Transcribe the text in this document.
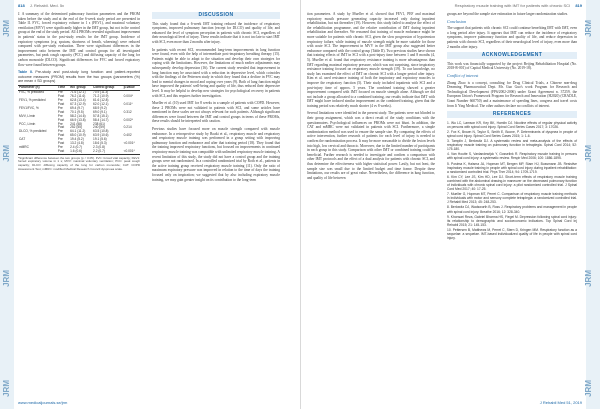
JRM
JRM
JRM
JRM
818 J. Rehabil. Med. 5x

J. A summary of the determined pulmonary function parameters and the PROM taken before the study and at the end of the 6-week study period are presented in Table II. FVC, forced expiratory volume in 1 s (FEV1), and maximal voluntary ventilation (MVV) were significantly higher in the IMT group, but not in the control group at the end of the study period. All 4 PROMs revealed significant improvement in patients' status in the post-study results for the IMT group. Incidence of expiratory symptoms (e.g. sputum, shortness of breath, wheezing) were reduced compared with pre-study evaluation. There were significant differences in the improvement ratio between the IMT and control groups for all investigated parameters, but peak cough capacity (PCC) and diffusing capacity of the lung for carbon monoxide (DLCO). Significant differences for FVC and forced expiratory flow were found between groups.

Table II. Pre-study and post-study lung function and patient-reported outcome measures (PROM) results from the two groups (parameters (%) are mean ± SD groups)
Parameter (n)	Time	IMT group	Control group	p-value
FVC, % predicted	Pre	71.6 (12.1)	70.9 (11.3)	
	Post	76.2 (11.6)	71.2 (10.9)	0.004*
FEV1, % predicted	Pre	62.8 (13.4)	61.6 (12.8)	
	Post	67.3 (12.9)	62.0 (12.1)	0.011*
FEV1/FVC, %	Pre	69.4 (9.7)	68.9 (9.2)	
	Post	70.1 (9.5)	69.0 (9.1)	0.312
MVV, L/min	Pre	58.2 (14.6)	57.8 (15.1)	
	Post	66.9 (13.8)	58.4 (14.7)	0.002*
PCC, L/min	Pre	241 (58)	238 (61)	
	Post	252 (55)	240 (59)	0.214
DLCO, % predicted	Pre	64.1 (11.2)	63.5 (10.8)	
	Post	65.0 (10.9)	63.9 (10.6)	0.402
CAT	Pre	19.4 (5.2)	19.1 (5.6)	
	Post	13.2 (4.8)	18.6 (5.3)	<0.001*
mMRC	Pre	2.4 (0.7)	2.3 (0.8)	
	Post	1.6 (0.6)	2.2 (0.7)	<0.001*
*Significant difference between the two groups (p < 0.05). FVC: forced vital capacity; FEV1: forced expiratory volume in 1 s; MVV: maximal voluntary ventilation; PCC: peak cough capacity; DLCO: diffusing capacity of the lung for carbon monoxide; CAT: COPD Assessment Test; mMRC: modified Medical Research Council dyspnoea scale.
DISCUSSION

This study found that a 6-week IMT training reduced the incidence of respiratory symptoms, improved pulmonary function (except for DLCO) and quality of life, and enhanced the level of symptom perception in patients with chronic SCI, regardless of their neurological level of injury. These results indicate that it is not too late to start IMT with SCI, even more than 2 months after injury.

In patients with recent SCI, recommended long-term improvements in lung function were found, even with the help of intermediate post-inspiratory breathing therapy (15). Patients might be able to adapt to the situation and develop their own strategies for coping with the limitations. However, the limitations of much earlier adjustments may subsequently develop depression (16). The current study revealed that improvement in lung function may be associated with a reduction in depressive level, which coincides with the findings of the Pettersen study in which they found that a decline in FVC may lead to mental changes in mood and coping over years (9). Both of lung function might have improved the patients' well-being and quality of life, thus reduced their depressive level. It may be helpful to develop new strategies for psychological recovery in patients with SCI, and this requires further investigation.

Mueller et al. (10) used IMT for 8 weeks in a sample of patients with COPD. However, these 2 PROMs were not validated in patients with SCI, and some articles have mentioned in these scales are not always relevant for such patients. Although significant differences were found between the IMT and control groups in terms of these PROMs, these results should be interpreted with caution.

Previous studies have focused more on muscle strength compared with muscle endurance. In a retrospective study by Boaki et al., respiratory muscle and respiratory and respiratory muscle training was performed in a group setting with improving pulmonary function and endurance and after that training period (18). They found that the training improved respiratory functions, but focused on improvements in continued respiratory muscle training was compatible with unlimited respiratory muscle training. A recent limitation of this study, the study did not have a control group and the training groups were not randomized. In a controlled randomized trial by Roth et al., patients in the active training group received respiratory muscle training (11). Only the ratio of maximum expiratory pressure was improved in relation to the time of days the training focused only on inspiration; we suggested that by also including expiratory muscle training, we may gain greater insight on its contribution to the long-term

www.medicaljournals.se/jrm
JRM
JRM
JRM
JRM
Respiratory muscle training with IMT for patients with chronic SCI 819

tion parameters. A study by Mueller et al. showed that FEV1, PEF and maximal expiratory mouth pressure generating capacity increased only during inpatient rehabilitation, but not thereafter (19). However, this study failed to analyse the effect of the rehabilitation programme, and the relative contribution of IMT during inpatient rehabilitation and thereafter. We reasoned that training of muscle endurance might be more suitable for patients with chronic SCI, given the slow progression of hypotension respiratory failure, while training of muscle strength might be more suitable for those with acute SCI. The improvement in MVV in the IMT group also suggested better endurance compared with the control group (Table II). Two previous studies have shown that training effects of IMT in SCI with a post-injury time between 1 and 8 months (4, 5). Mueller et al. found that respiratory resistance training is more advantageous than IMT regarding maximal expiratory pressure, which was not surprising, since inspiratory resistance training focused on respiratory muscle strength (19). To our knowledge, no study has examined the effect of IMT on chronic SCI with a longer period after injury. Kim et al. used resistance training of both the inspiratory and expiratory muscles to improve the respiratory function (5). Their study included inpatients with SCI and a post-injury time of approx. 5 years. The combined training showed a greater improvement compared with IMT focused on muscle strength alone. Although we did not include a group allocated to a combined training, our results indicate that IMT with IMT might have induced similar improvement as the combined training, given that the training period was relatively much shorter (4 vs 8 weeks).

Several limitations were identified in the present study. The patients were not blinded to their group assignment, which was a direct result of the study conditions with the questionnaires. Psychological influences on PROMs were not blunt. In addition, the CAT and mMRC were not validated in patients with SCI. Furthermore, a simple randomization method was used to ensure the sample size. By comparing the effects of active intervention, further research of patients for each level of injury is needed to confirm the randomization process. It may be more reasonable to divide the lesion levels into high, low cervical and thoracic. Moreover, due to the limited number of participants in each group in this study. Comparison with other IMT or combined training could be beneficial. Further research is needed to investigate and confirm a comparison with other IMT protocols and the effect of a dual analysis for patients with chronic SCI, and thus determine the effectiveness with higher statistical power. Lastly, but not least, the sample size was small due to the limited budget and time frame. Despite these limitations, our results are of great value. Nevertheless, the difference in lung function, and quality of life between

groups are beyond the sample size estimation in future larger randomization studies.

Conclusion

The support that patients with chronic SCI could continue benefiting IMT with IMT, even a long period after injury. It appears that IMT can reduce the incidence of respiratory symptoms, improve pulmonary function and quality of life, and reduce depression in patients with chronic SCI, regardless of their neurological level of injury, even more than 2 months after injury.

ACKNOWLEDGEMENT

This work was financially supported by the project Beijing Rehabilitation Hospital (No. 2018-R-001) of Capital Medical University (No. 2019-18).

Conflict of interest

Zhang Zhao is a concept, consulting for Drug Clinical Trials, a Chinese non-drug Dreaming Pharmaceutical Dept. Mr. Guo Guo's work Program for Research and Technological Development (FP6/2002-2006) under Grant Agreement n. 37259, the European Union's Framework Program for Research and Innovation (H2020) (CRADLE, Grant Number 660750) and a maintenance of speeding lines, congress and travel costs from Ji Ying Medical. The other authors declare no conflicts of interest.

REFERENCES
1. Wu LC, Lamson KR, Key BK, Hamlin DJ. Nicotine effects of regular physical activity on persons with spinal cord injury. Spinal Cord Series Cases 2017; 3: 17026.
2. Fox K, Brown N, Taylor S, Smith E, Boone, P. Determinants of dyspnea in people of spinal cord injury. Spinal Cord Series Cases 2015; 1: 1-6.
3. Tamplin J, Berlowitz DJ. A systematic review and meta-analysis of the effects of respiratory muscle training on pulmonary function in tetraplegia. Spinal Cord 2014; 52: 175-180.
4. Van Houtte S, Vanlandewijck Y, Gosselink R. Respiratory muscle training in persons with spinal cord injury: a systematic review. Respir Med 2006; 100: 1886-1895.
5. Postma K, Haisma JA, Hopman MT, Bergen MP, Stam HJ, Bussmann JB. Resistive inspiratory muscle training in people with spinal cord injury during inpatient rehabilitation: a randomized controlled trial. Phys Ther 2014; 94: 1709-1719.
6. Kim CY, Lee JS, Kim HD, Lee DJ. Short-term effects of respiratory muscle training combined with the abdominal drawing-in maneuver on the decreased pulmonary function of individuals with chronic spinal cord injury: a pilot randomized controlled trial. J Spinal Cord Med 2017; 40: 17-25.
7. Mueller G, Hopman MT, Perret C. Comparison of respiratory muscle training methods in individuals with motor and sensory complete tetraplegia: a randomized controlled trial. J Rehabil Med 2013; 45: 248-253.
8. Berlowitz DJ, Wadsworth B, Ross J. Respiratory problems and management in people with spinal cord injury. Breathe 2016; 12: 328-340.
9. Khonsari Reza, Gabriel Bharma HS, Fiegel M. Depression following spinal cord injury: its relationship to demographic and socioeconomic indicators. Top Spinal Cord Inj Rehabil 2015; 21: 145-153.
10. Pettersen B, Matthews M, Perret C, Stern D, Kringen MM. Respiratory function as a sequelae: a sequelae. IMT-based individualized quality of life in people with spinal cord injury.
J Rehabil Med 51, 2019
